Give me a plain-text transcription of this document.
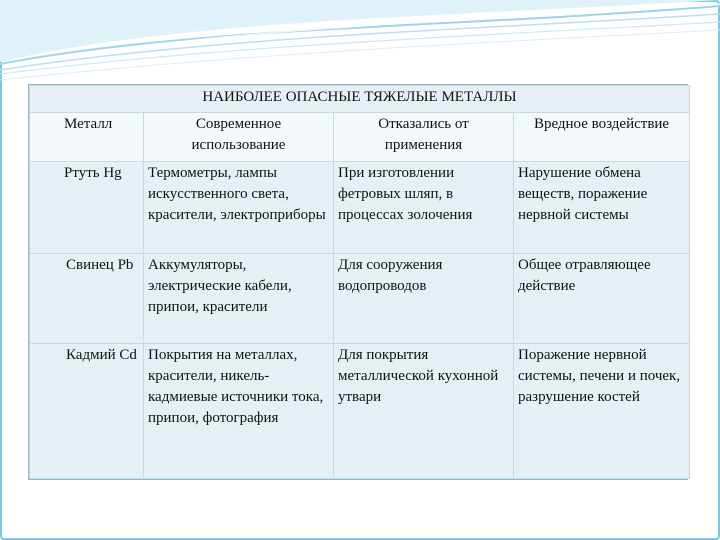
НАИБОЛЕЕ ОПАСНЫЕ ТЯЖЕЛЫЕ МЕТАЛЛЫ			
Металл	Современное использование	Отказались от применения	Вредное воздействие
Ртуть Hg	Термометры, лампы искусственного света, красители, электроприборы	При изготовлении фетровых шляп, в процессах золочения	Нарушение обмена веществ, поражение нервной системы
Свинец Pb	Аккумуляторы, электрические кабели, припои, красители	Для сооружения водопроводов	Общее отравляющее действие
Кадмий Cd	Покрытия на металлах, красители, никель-кадмиевые источники тока, припои, фотография	Для покрытия металлической кухонной утвари	Поражение нервной системы, печени и почек, разрушение костей
